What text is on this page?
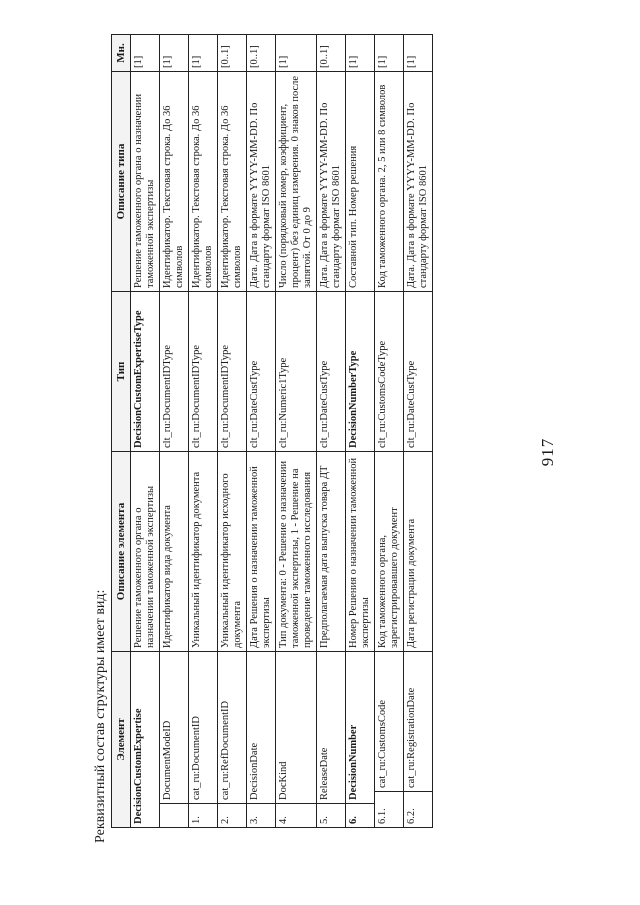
917
Реквизитный состав структуры имеет вид: Элемент			Описание элемента	Тип	Описание типа	Мн.
DecisionCustomExpertise			Решение таможенного органа о назначении таможенной экспертизы	DecisionCustomExpertiseType	Решение таможенного органа о назначении таможенной экспертизы	[1]
	DocumentModeID		Идентификатор вида документа	clt_ru:DocumentIDType	Идентификатор. Текстовая строка. До 36 символов	[1]
1.	cat_ru:DocumentID		Уникальный идентификатор документа	clt_ru:DocumentIDType	Идентификатор. Текстовая строка. До 36 символов	[1]
2.	cat_ru:RefDocumentID		Уникальный идентификатор исходного документа	clt_ru:DocumentIDType	Идентификатор. Текстовая строка. До 36 символов	[0..1]
3.	DecisionDate		Дата Решения о назначении таможенной экспертизы	clt_ru:DateCustType	Дата. Дата в формате YYYY-MM-DD. По стандарту формат ISO 8601	[0..1]
4.	DocKind		Тип документа: 0 - Решение о назначении таможенной экспертизы, 1 - Решение на проведение таможенного исследования	clt_ru:Numeric1Type	Число (порядковый номер, коэффициент, процент) без единиц измерения. 0 знаков после запятой. От 0 до 9	[1]
5.	ReleaseDate		Предполагаемая дата выпуска товара ДТ	clt_ru:DateCustType	Дата. Дата в формате YYYY-MM-DD. По стандарту формат ISO 8601	[0..1]
6.	DecisionNumber		Номер Решения о назначении таможенной экспертизы	DecisionNumberType	Составной тип. Номер решения	[1]
6.1.		cat_ru:CustomsCode	Код таможенного органа, зарегистрировавшего документ	clt_ru:CustomsCodeType	Код таможенного органа. 2, 5 или 8 символов	[1]
6.2.		cat_ru:RegistrationDate	Дата регистрации документа	clt_ru:DateCustType	Дата. Дата в формате YYYY-MM-DD. По стандарту формат ISO 8601	[1]
